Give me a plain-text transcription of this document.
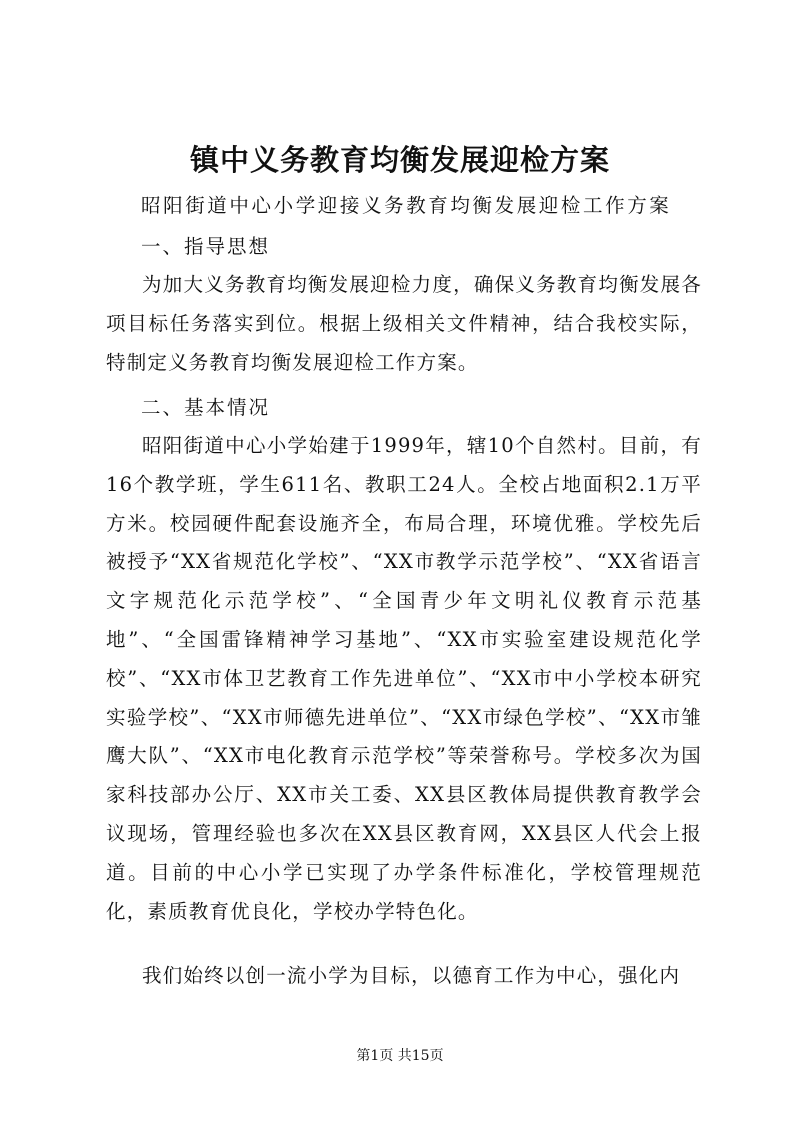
镇中义务教育均衡发展迎检方案
昭阳街道中心小学迎接义务教育均衡发展迎检工作方案
一、指导思想
为加大义务教育均衡发展迎检力度，确保义务教育均衡发展各项目标任务落实到位。根据上级相关文件精神，结合我校实际，特制定义务教育均衡发展迎检工作方案。
二、基本情况
昭阳街道中心小学始建于1999年，辖10个自然村。目前，有16个教学班，学生611名、教职工24人。全校占地面积2.1万平方米。校园硬件配套设施齐全，布局合理，环境优雅。学校先后被授予“XX省规范化学校”、“XX市教学示范学校”、“XX省语言文字规范化示范学校”、“全国青少年文明礼仪教育示范基地”、“全国雷锋精神学习基地”、“XX市实验室建设规范化学校”、“XX市体卫艺教育工作先进单位”、“XX市中小学校本研究实验学校”、“XX市师德先进单位”、“XX市绿色学校”、“XX市雏鹰大队”、“XX市电化教育示范学校”等荣誉称号。学校多次为国家科技部办公厅、XX市关工委、XX县区教体局提供教育教学会议现场，管理经验也多次在XX县区教育网，XX县区人代会上报道。目前的中心小学已实现了办学条件标准化，学校管理规范化，素质教育优良化，学校办学特色化。
我们始终以创一流小学为目标，以德育工作为中心，强化内
第1页 共15页
